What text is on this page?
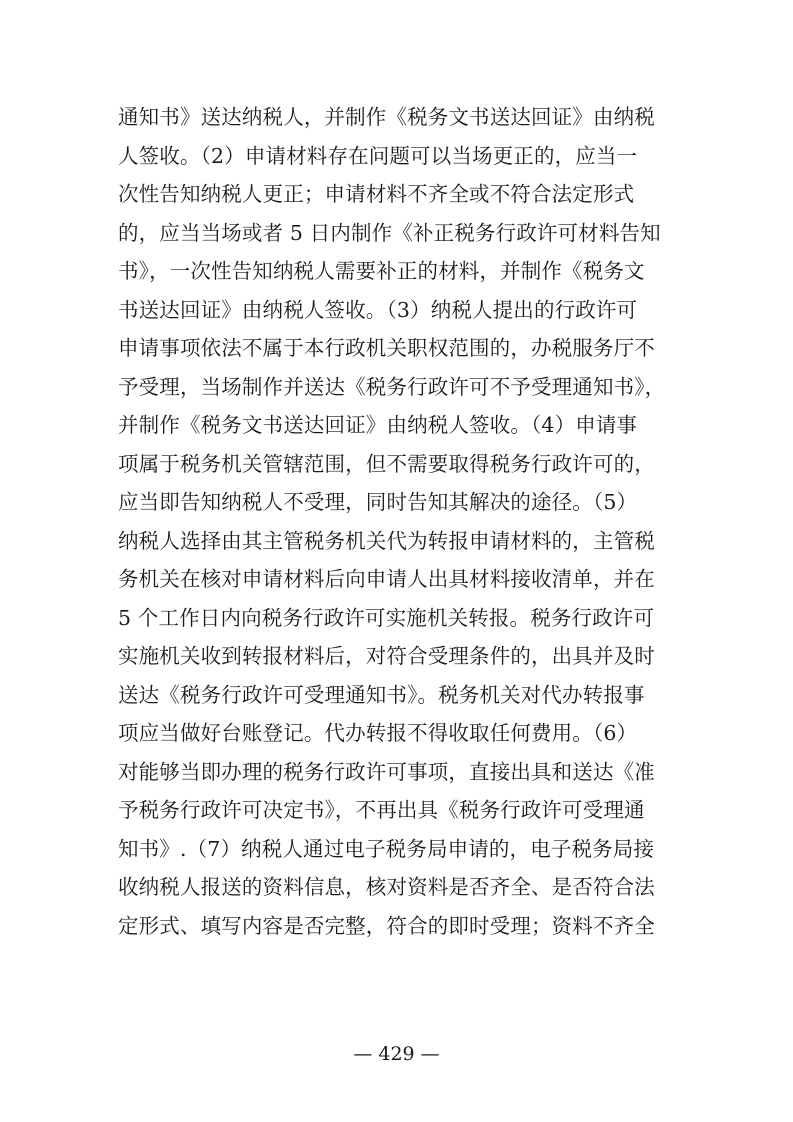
通知书》送达纳税人，并制作《税务文书送达回证》由纳税
人签收。（2）申请材料存在问题可以当场更正的，应当一
次性告知纳税人更正；申请材料不齐全或不符合法定形式
的，应当当场或者 5 日内制作《补正税务行政许可材料告知
书》，一次性告知纳税人需要补正的材料，并制作《税务文
书送达回证》由纳税人签收。（3）纳税人提出的行政许可
申请事项依法不属于本行政机关职权范围的，办税服务厅不
予受理，当场制作并送达《税务行政许可不予受理通知书》，
并制作《税务文书送达回证》由纳税人签收。（4）申请事
项属于税务机关管辖范围，但不需要取得税务行政许可的，
应当即告知纳税人不受理，同时告知其解决的途径。（5）
纳税人选择由其主管税务机关代为转报申请材料的，主管税
务机关在核对申请材料后向申请人出具材料接收清单，并在
5 个工作日内向税务行政许可实施机关转报。税务行政许可
实施机关收到转报材料后，对符合受理条件的，出具并及时
送达《税务行政许可受理通知书》。税务机关对代办转报事
项应当做好台账登记。代办转报不得收取任何费用。（6）
对能够当即办理的税务行政许可事项，直接出具和送达《准
予税务行政许可决定书》，不再出具《税务行政许可受理通
知书》.（7）纳税人通过电子税务局申请的，电子税务局接
收纳税人报送的资料信息，核对资料是否齐全、是否符合法
定形式、填写内容是否完整，符合的即时受理；资料不齐全
— 429 —
